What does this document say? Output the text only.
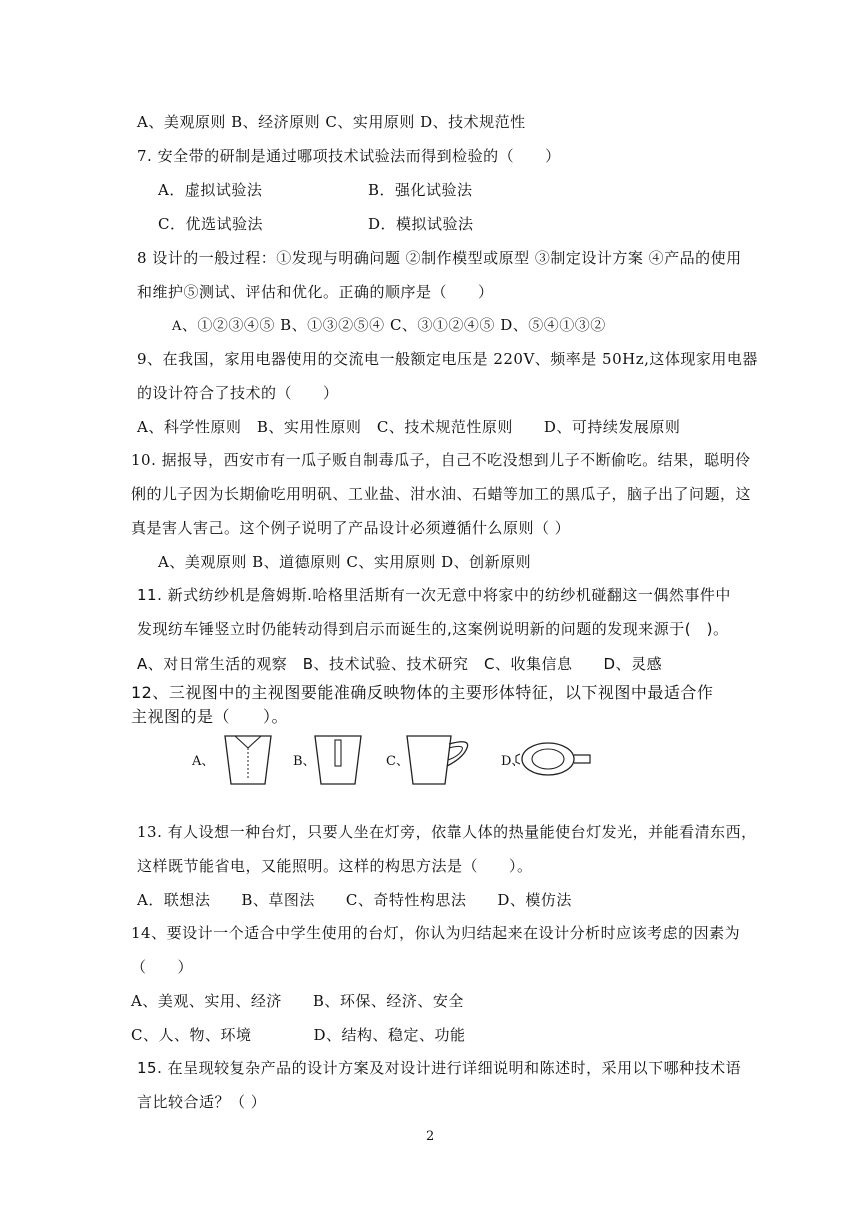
A、美观原则 B、经济原则 C、实用原则 D、技术规范性
7. 安全带的研制是通过哪项技术试验法而得到检验的（　　）
A．虚拟试验法	B．强化试验法
C．优选试验法	D．模拟试验法
8 设计的一般过程：①发现与明确问题 ②制作模型或原型 ③制定设计方案 ④产品的使用
和维护⑤测试、评估和优化。正确的顺序是（　　）
A、①②③④⑤ B、①③②⑤④ C、③①②④⑤ D、⑤④①③②
9、在我国，家用电器使用的交流电一般额定电压是 220V、频率是 50Hz,这体现家用电器
的设计符合了技术的（　　）
A、科学性原则　B、实用性原则　C、技术规范性原则　　D、可持续发展原则
10. 据报导，西安市有一瓜子贩自制毒瓜子，自己不吃没想到儿子不断偷吃。结果，聪明伶
俐的儿子因为长期偷吃用明矾、工业盐、泔水油、石蜡等加工的黑瓜子，脑子出了问题，这
真是害人害己。这个例子说明了产品设计必须遵循什么原则（ ）
A、美观原则 B、道德原则 C、实用原则 D、创新原则
11. 新式纺纱机是詹姆斯.哈格里活斯有一次无意中将家中的纺纱机碰翻这一偶然事件中
发现纺车锤竖立时仍能转动得到启示而诞生的,这案例说明新的问题的发现来源于(　)。
A、对日常生活的观察　B、技术试验、技术研究　C、收集信息　　D、灵感
12、三视图中的主视图要能准确反映物体的主要形体特征，以下视图中最适合作
主视图的是（　　）。
A、	B、	C、	D、
13. 有人设想一种台灯，只要人坐在灯旁，依靠人体的热量能使台灯发光，并能看清东西，
这样既节能省电，又能照明。这样的构思方法是（　　）。
A．联想法　　B、草图法　　C、奇特性构思法　　D、模仿法
14、要设计一个适合中学生使用的台灯，你认为归结起来在设计分析时应该考虑的因素为
（　　）
A、美观、实用、经济　　B、环保、经济、安全
C、人、物、环境　　　　D、结构、稳定、功能
15. 在呈现较复杂产品的设计方案及对设计进行详细说明和陈述时，采用以下哪种技术语
言比较合适？（ ）
2
